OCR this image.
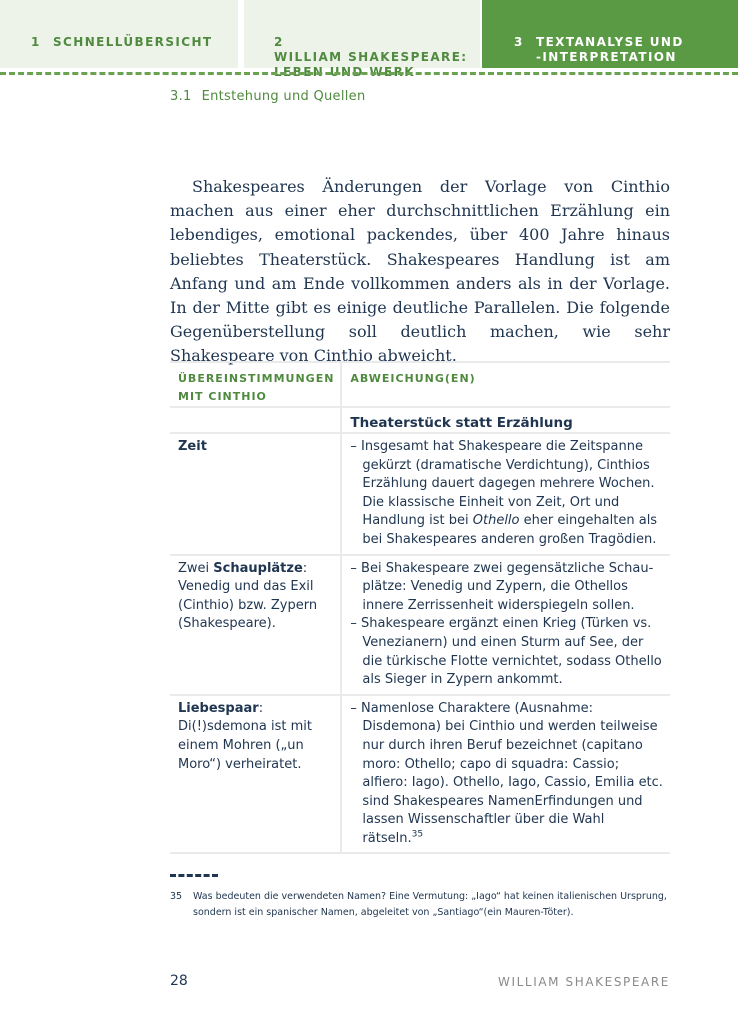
1 SCHNELLÜBERSICHT	2WILLIAM SHAKESPEARE:
LEBEN UND WERK
3 TEXTANALYSE UND
-INTERPRETATION
3.1 Entstehung und Quellen

Shakespeares Änderungen der Vorlage von Cinthio machen aus einer eher durchschnittlichen Erzählung ein lebendiges, emotional packendes, über 400 Jahre hinaus beliebtes Theaterstück. Shakespeares Handlung ist am Anfang und am Ende vollkommen anders als in der Vorlage. In der Mitte gibt es einige deutliche Parallelen. Die folgende Gegenüberstellung soll deutlich machen, wie sehr Shakespeare von Cinthio abweicht.

ÜBEREINSTIMMUNGEN MIT CINTHIO	ABWEICHUNG(EN)
	Theaterstück statt Erzählung
Zeit	– Insgesamt hat Shakespeare die Zeitspanne gekürzt (dramatische Verdichtung), Cinthios Erzählung dauert dagegen mehrere Wochen. Die klassische Einheit von Zeit, Ort und Handlung ist bei Othello eher eingehalten als bei Shakespeares anderen großen Tragödien.

Zwei Schauplätze: Venedig und das Exil (Cinthio) bzw. Zypern (Shakespeare).	– Bei Shakespeare zwei gegensätzliche Schauplätze: Venedig und Zypern, die Othellos innere Zerrissenheit widerspiegeln sollen.
– Shakespeare ergänzt einen Krieg (Türken vs. Venezianern) und einen Sturm auf See, der die türkische Flotte vernichtet, sodass Othello als Sieger in Zypern ankommt.

Liebespaar: Di(!)sdemona ist mit einem Mohren („un Moro“) verheiratet.	– Namenlose Charaktere (Ausnahme: Disdemona) bei Cinthio und werden teilweise nur durch ihren Beruf bezeichnet (capitano moro: Othello; capo di squadra: Cassio; alfiero: Iago). Othello, Iago, Cassio, Emilia etc. sind Shakespeares NamenErfindungen und lassen Wissenschaftler über die Wahl rätseln.$^{35}$
35 Was bedeuten die verwendeten Namen? Eine Vermutung: „Iago“ hat keinen italienischen Ursprung, sondern ist ein spanischer Namen, abgeleitet von „Santiago“(ein Mauren-Töter).
28	WILLIAM SHAKESPEARE
